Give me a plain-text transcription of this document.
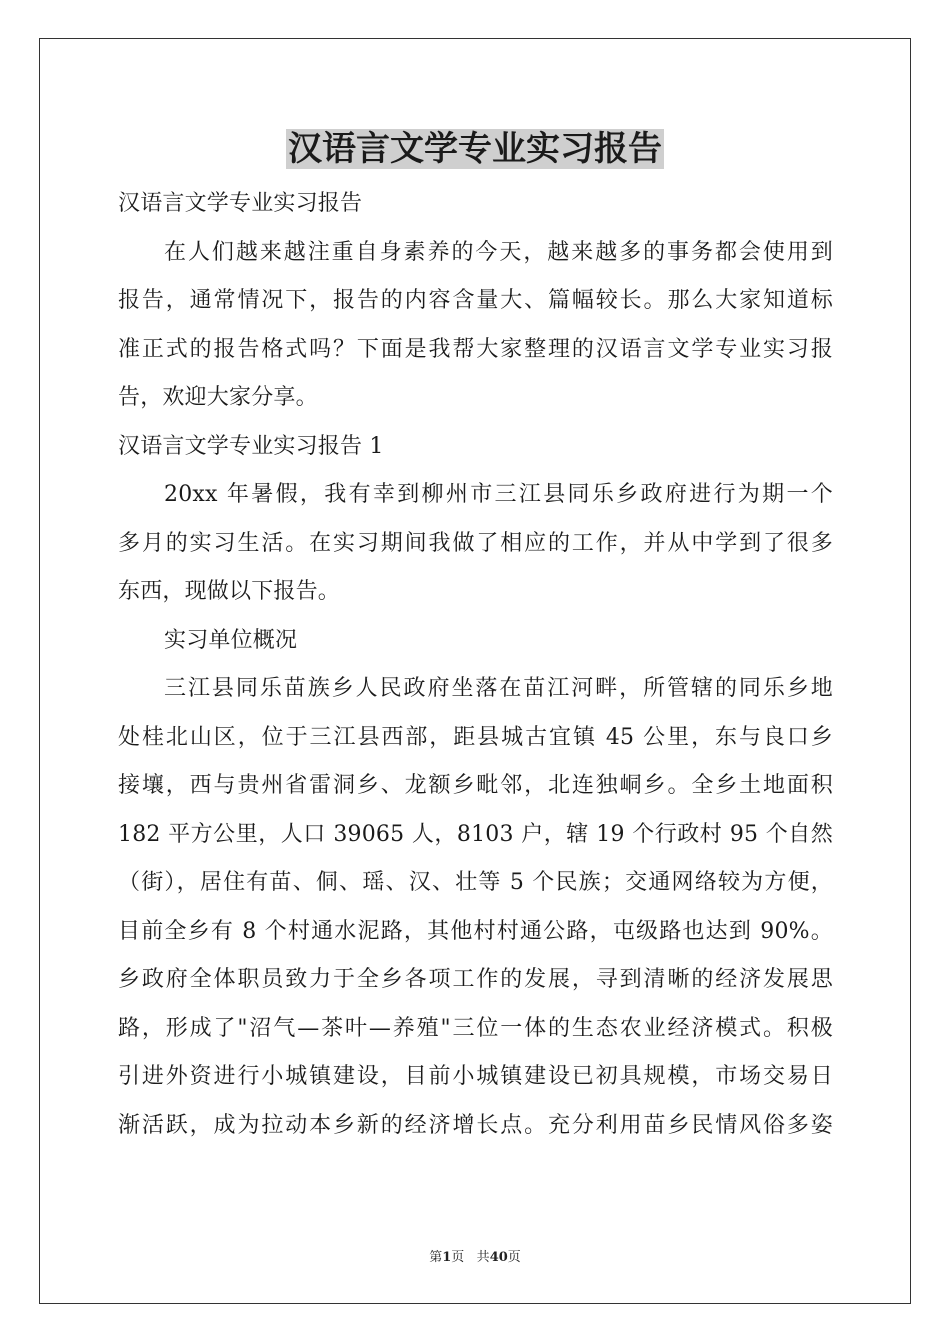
汉语言文学专业实习报告
汉语言文学专业实习报告
在人们越来越注重自身素养的今天，越来越多的事务都会使用到
报告，通常情况下，报告的内容含量大、篇幅较长。那么大家知道标
准正式的报告格式吗？下面是我帮大家整理的汉语言文学专业实习报
告，欢迎大家分享。
汉语言文学专业实习报告 1
20xx 年暑假，我有幸到柳州市三江县同乐乡政府进行为期一个
多月的实习生活。在实习期间我做了相应的工作，并从中学到了很多
东西，现做以下报告。
实习单位概况
三江县同乐苗族乡人民政府坐落在苗江河畔，所管辖的同乐乡地
处桂北山区，位于三江县西部，距县城古宜镇 45 公里，东与良口乡
接壤，西与贵州省雷洞乡、龙额乡毗邻，北连独峒乡。全乡土地面积
182 平方公里，人口 39065 人，8103 户，辖 19 个行政村 95 个自然
（街），居住有苗、侗、瑶、汉、壮等 5 个民族；交通网络较为方便，
目前全乡有 8 个村通水泥路，其他村村通公路，屯级路也达到 90%。
乡政府全体职员致力于全乡各项工作的发展，寻到清晰的经济发展思
路，形成了"沼气—茶叶—养殖"三位一体的生态农业经济模式。积极
引进外资进行小城镇建设，目前小城镇建设已初具规模，市场交易日
渐活跃，成为拉动本乡新的经济增长点。充分利用苗乡民情风俗多姿
第1页 共40页
